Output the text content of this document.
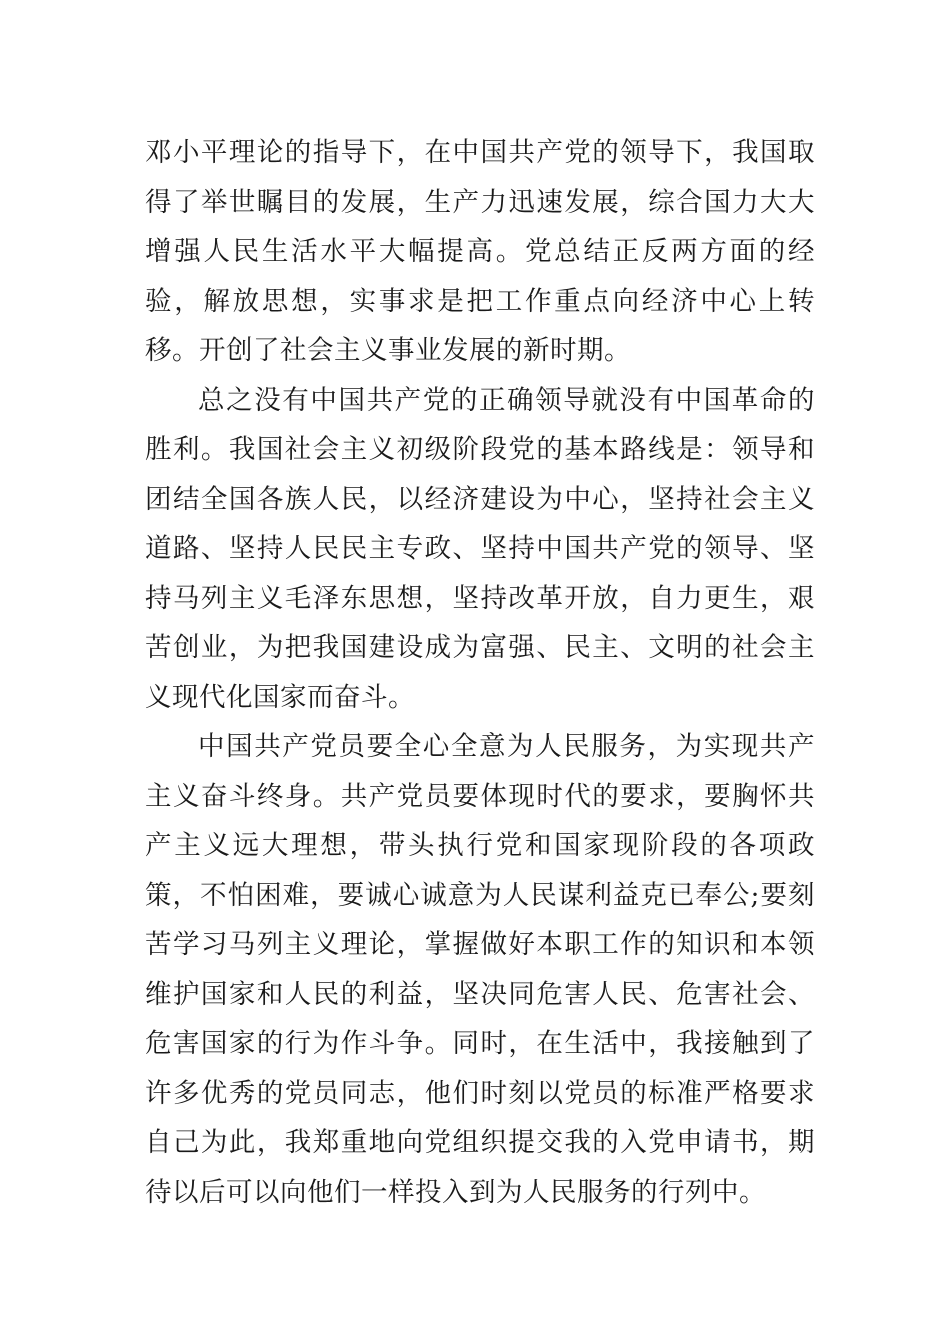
邓小平理论的指导下，在中国共产党的领导下，我国取得了举世瞩目的发展，生产力迅速发展，综合国力大大增强人民生活水平大幅提高。党总结正反两方面的经验，解放思想，实事求是把工作重点向经济中心上转移。开创了社会主义事业发展的新时期。

总之没有中国共产党的正确领导就没有中国革命的胜利。我国社会主义初级阶段党的基本路线是：领导和团结全国各族人民，以经济建设为中心，坚持社会主义道路、坚持人民民主专政、坚持中国共产党的领导、坚持马列主义毛泽东思想，坚持改革开放，自力更生，艰苦创业，为把我国建设成为富强、民主、文明的社会主义现代化国家而奋斗。

中国共产党员要全心全意为人民服务，为实现共产主义奋斗终身。共产党员要体现时代的要求，要胸怀共产主义远大理想，带头执行党和国家现阶段的各项政策，不怕困难，要诚心诚意为人民谋利益克已奉公;要刻苦学习马列主义理论，掌握做好本职工作的知识和本领维护国家和人民的利益，坚决同危害人民、危害社会、危害国家的行为作斗争。同时，在生活中，我接触到了许多优秀的党员同志，他们时刻以党员的标准严格要求自己为此，我郑重地向党组织提交我的入党申请书，期待以后可以向他们一样投入到为人民服务的行列中。
